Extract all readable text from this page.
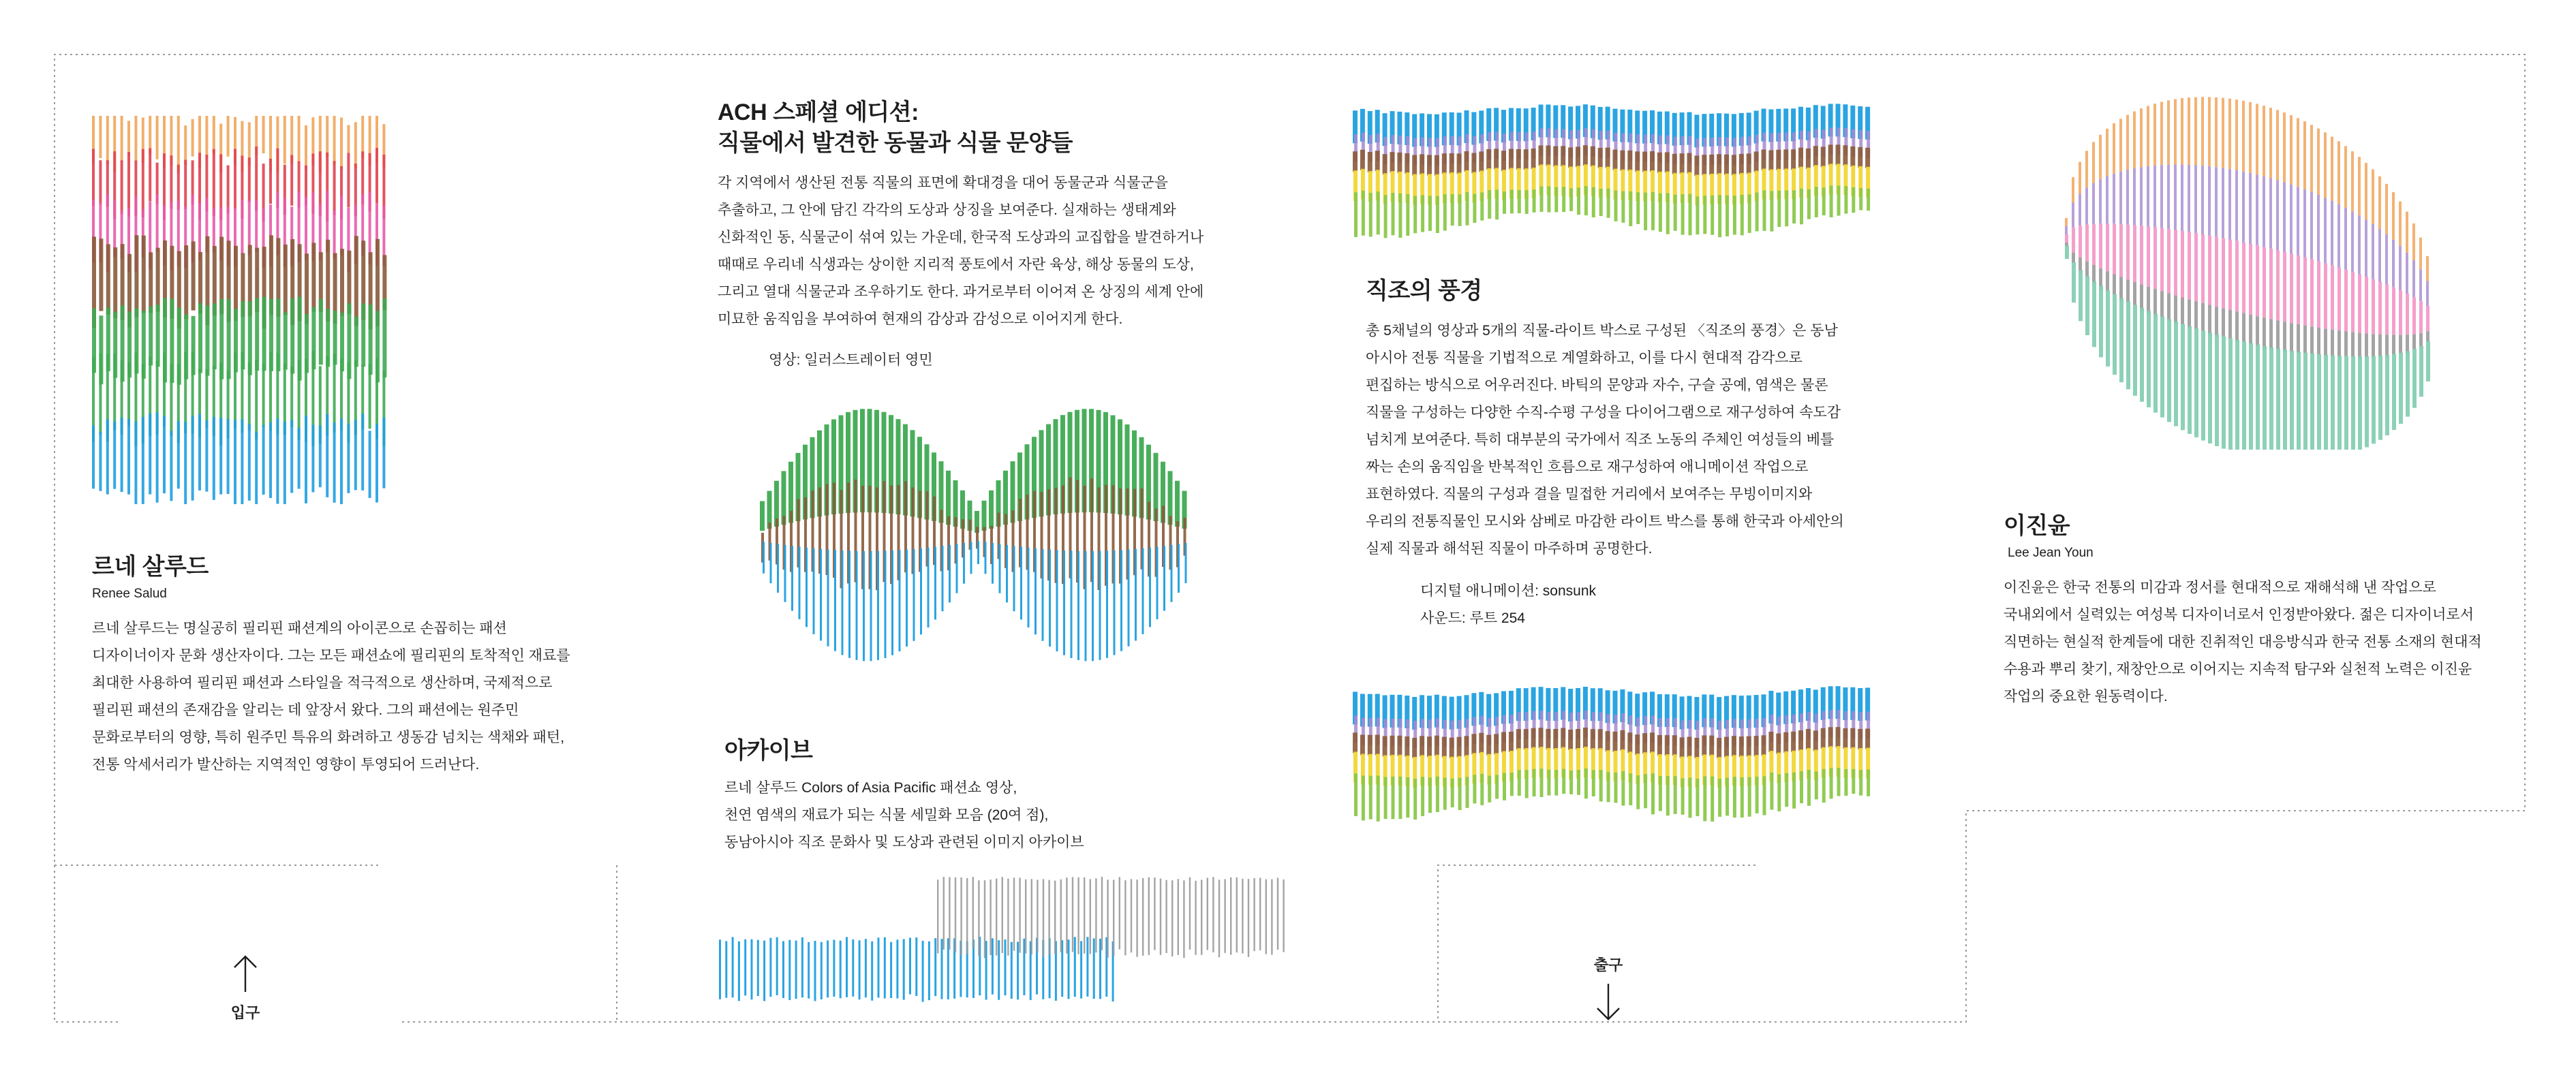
르네 살루드
Renee Salud

르네 살루드는 명실공히 필리핀 패션계의 아이콘으로 손꼽히는 패션

디자이너이자 문화 생산자이다. 그는 모든 패션쇼에 필리핀의 토착적인 재료를

최대한 사용하여 필리핀 패션과 스타일을 적극적으로 생산하며, 국제적으로

필리핀 패션의 존재감을 알리는 데 앞장서 왔다. 그의 패션에는 원주민

문화로부터의 영향, 특히 원주민 특유의 화려하고 생동감 넘치는 색채와 패턴,

전통 악세서리가 발산하는 지역적인 영향이 투영되어 드러난다.

ACH 스페셜 에디션:
직물에서 발견한 동물과 식물 문양들

각 지역에서 생산된 전통 직물의 표면에 확대경을 대어 동물군과 식물군을

추출하고, 그 안에 담긴 각각의 도상과 상징을 보여준다. 실재하는 생태계와

신화적인 동, 식물군이 섞여 있는 가운데, 한국적 도상과의 교집합을 발견하거나

때때로 우리네 식생과는 상이한 지리적 풍토에서 자란 육상, 해상 동물의 도상,

그리고 열대 식물군과 조우하기도 한다. 과거로부터 이어져 온 상징의 세계 안에

미묘한 움직임을 부여하여 현재의 감상과 감성으로 이어지게 한다.

영상: 일러스트레이터 영민

아카이브

르네 살루드 Colors of Asia Pacific 패션쇼 영상,

천연 염색의 재료가 되는 식물 세밀화 모음 (20여 점),

동남아시아 직조 문화사 및 도상과 관련된 이미지 아카이브

직조의 풍경

총 5채널의 영상과 5개의 직물-라이트 박스로 구성된 〈직조의 풍경〉은 동남

아시아 전통 직물을 기법적으로 계열화하고, 이를 다시 현대적 감각으로

편집하는 방식으로 어우러진다. 바틱의 문양과 자수, 구슬 공예, 염색은 물론

직물을 구성하는 다양한 수직-수평 구성을 다이어그램으로 재구성하여 속도감

넘치게 보여준다. 특히 대부분의 국가에서 직조 노동의 주체인 여성들의 베틀

짜는 손의 움직임을 반복적인 흐름으로 재구성하여 애니메이션 작업으로

표현하였다. 직물의 구성과 결을 밀접한 거리에서 보여주는 무빙이미지와

우리의 전통직물인 모시와 삼베로 마감한 라이트 박스를 통해 한국과 아세안의

실제 직물과 해석된 직물이 마주하며 공명한다.

디지털 애니메이션: sonsunk

사운드: 루트 254

이진윤
Lee Jean Youn

이진윤은 한국 전통의 미감과 정서를 현대적으로 재해석해 낸 작업으로

국내외에서 실력있는 여성복 디자이너로서 인정받아왔다. 젊은 디자이너로서

직면하는 현실적 한계들에 대한 진취적인 대응방식과 한국 전통 소재의 현대적

수용과 뿌리 찾기, 재창안으로 이어지는 지속적 탐구와 실천적 노력은 이진윤

작업의 중요한 원동력이다.

입구
출구
